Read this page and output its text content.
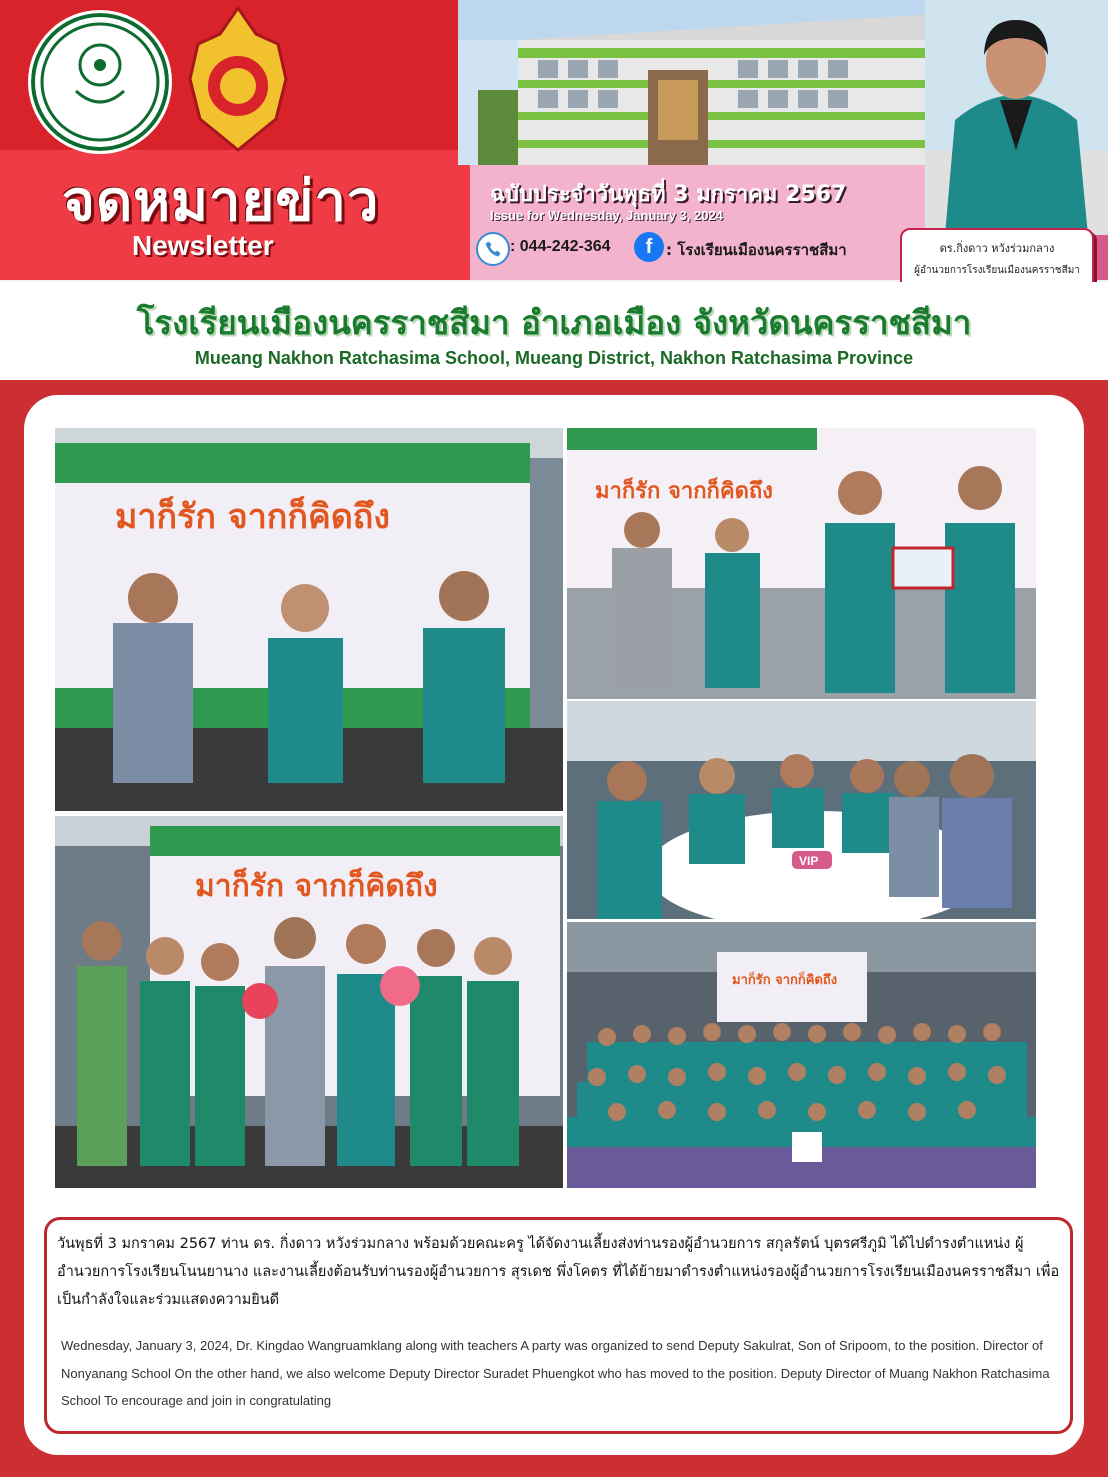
จดหมายข่าว
Newsletter
ฉบับประจำวันพุธที่ 3 มกราคม 2567
Issue for Wednesday, January 3, 2024
: 044-242-364	f : โรงเรียนเมืองนครราชสีมา	ดร.กิ่งดาว หวังร่วมกลาง
ผู้อำนวยการโรงเรียนเมืองนครราชสีมา
โรงเรียนเมืองนครราชสีมา อำเภอเมือง จังหวัดนครราชสีมา
Mueang Nakhon Ratchasima School, Mueang District, Nakhon Ratchasima Province
มาก็รัก จากก็คิดถึง
มาก็รัก จากก็คิดถึง
VIP
มาก็รัก จากก็คิดถึง
มาก็รัก จากก็คิดถึง
วันพุธที่ 3 มกราคม 2567 ท่าน ดร. กิ่งดาว หวังร่วมกลาง พร้อมด้วยคณะครู ได้จัดงานเลี้ยงส่งท่านรองผู้อำนวยการ สกุลรัตน์ บุตรศรีภูมิ ได้ไปดำรงตำแหน่ง ผู้อำนวยการโรงเรียนโนนยานาง และงานเลี้ยงต้อนรับท่านรองผู้อำนวยการ สุรเดช พึ่งโคตร ที่ได้ย้ายมาดำรงตำแหน่งรองผู้อำนวยการโรงเรียนเมืองนครราชสีมา เพื่อเป็นกำลังใจและร่วมแสดงความยินดี
Wednesday, January 3, 2024, Dr. Kingdao Wangruamklang along with teachers A party was organized to send Deputy Sakulrat, Son of Sripoom, to the position. Director of Nonyanang School On the other hand, we also welcome Deputy Director Suradet Phuengkot who has moved to the position. Deputy Director of Muang Nakhon Ratchasima School To encourage and join in congratulating
